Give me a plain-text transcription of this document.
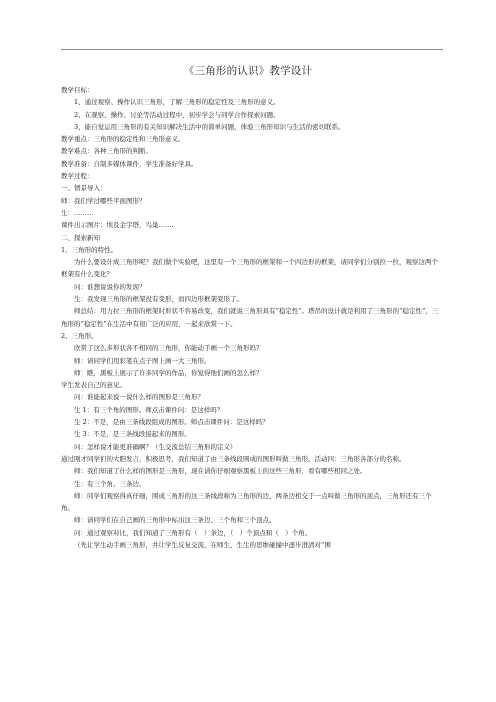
《三角形的认识》教学设计

教学目标：

1、通过观察、操作认识三角形，了解三角形的稳定性及三角形的意义。

2、在观察、操作、讨论等活动过程中，初步学会与同学合作探索问题。

3、能自觉运用三角形的有关知识解决生活中的简单问题，体验三角形知识与生活的密切联系。

教学重点：三角形的稳定性和三角形意义。

教学难点：各种三角形的判断。

教学准备：自制多媒体课件，学生准备好学具。

教学过程：

一、情景导入：

师：我们学过哪些平面图形？

生：………

课件出示图片：埃及金字塔，鸟巢…….

二、探索新知

1、三角形的特性。

为什么要设计成三角形呢？我们做个实验吧，这里有一个三角形的框架和一个四边形的框架，请同学们分别拉一拉，观察这两个框架有什么变化？

问：谁想说说你的发现？

生：我发现三角形的框架没有变形，而四边形框架变形了。

师总结：用力拉三角形的框架时形状不容易改变，我们就说三角形具有“稳定性”。塔吊的设计就是利用了三角形的“稳定性”，三角形的“稳定性”在生活中有很广泛的应用，一起来欣赏一下。

2、三角形。

欣赏了这么多形状各不相同的三角形，你能动手画一个三角形吗？

师：请同学们用彩笔在点子图上画一大三角形。

师：瞧，黑板上展示了许多同学的作品，你觉得他们画的怎么样？

学生发表自己的意见。

问：谁能起来说一说什么样的图形是三角形？

生 1：有三个角的图形。师点击课件问：是这样吗？

生 2：不是，是由三条线段组成的图形。师点击课件问：是这样吗？

生 3：不是，是三条线段接起来的图形。

问：怎样说才能更准确啊？（生交流总结三角形的定义）

通过刚才同学们的大胆发言，积极思考，我们知道了由三条线段围成的图形叫做三角形。活动四：三角形各部分的名称。

师：我们知道了什么样的图形是三角形，现在请你仔细观察黑板上的这些三角形，看有哪些相同之处。

生：有三个角、三条边。

师：同学们观察得真仔细，围成三角形的这三条线段称为三角形的边，两条边相交于一点叫做三角形的顶点，三角形还有三个角。

师：请同学们在自己画的三角形中标出这三条边、三个角和三个顶点。

问：通过观察对比，我们知道了三角形有（　）条边，（　）个顶点和（　）个角。

（先让学生动手画三角形，并让学生反复交流，在师生、生生的思维碰撞中逐步澄清对“围
